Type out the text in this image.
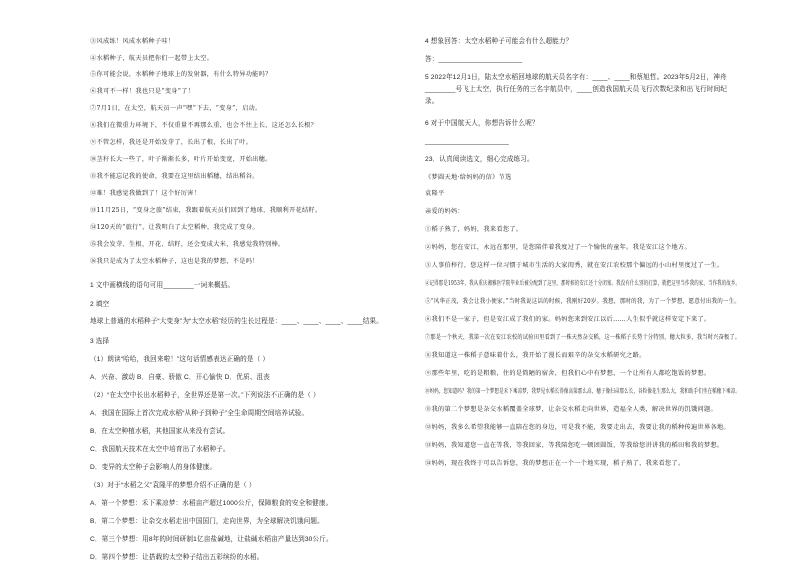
③风成练！风成水稻种子哇！
④水稻种子，航天员把你们一起带上太空。
⑤你可能会说，水稻种子地球上的发射器，有什么特异功能吗？
⑥我可不一样！我也只是“变身”了！
⑦7月1日，在太空，航天员一声“嘿”下去，“变身”，启动。
⑧我们在微重力环境下，不仅重量不再那么重，也会不往上长，这还怎么长根？
⑨不管怎样，我还是开始发芽了，长出了根，长出了叶。
⑩茎秆长大一些了，叶子渐渐长多，叶片开始变宽，开始出穗。
⑪我不能忘记我的使命，我要在这里结出稻穗，结出稻谷。
⑫难！我感觉我做到了！这个好厉害！
⑬11月25日，“变身之旅”结束，我跟着航天员们回到了地球，我顺利开花结籽。
⑭120天的“旅行”，让我明白了太空稻种，我完成了变身。
⑮我会发芽、生根、开花、结籽，还会变成大米，我感觉我特别棒。
⑯我只是成为了太空水稻种子，这也是我的梦想，不是吗！
1 文中画横线的语句可用________一词来概括。
2 填空
地球上普通的水稻种子“大变身”为“太空水稻”经历的生长过程是：____、____、____、____结果。
3 选择
（1）朗读“哈哈，我回来啦！”这句话情感表达正确的是（ ）
A．兴奋、激动 B．自豪、骄傲 C．开心愉快 D．优质、沮丧
（2）“在太空中长出水稻种子，全世界还是第一次。”下列说法不正确的是（ ）
A．我国在国际上首次完成水稻“从种子到种子”全生命周期空间培养试验。
B．在太空种植水稻，其他国家从来没有尝试。
C．我国航天技术在太空中培育出了水稻种子。
D．变异的太空种子会影响人的身体健康。
（3）对于“水稻之父”袁隆平的梦想介绍不正确的是（ ）
A．第一个梦想：禾下乘凉梦：水稻亩产超过1000公斤，保障粮食的安全和健康。
B．第二个梦想：让杂交水稻走出中国国门，走向世界，为全球解决饥饿问题。
C．第三个梦想：用8年的时间研制1亿亩盐碱地，让盐碱水稻亩产量达到30公斤。
D．第四个梦想：让搭载的太空种子结出五彩缤纷的水稻。
4 想象回答：太空水稻种子可能会有什么超能力？
答：______________________
5 2022年12月1日，陆太空水稻回地球的航天员名字有：____、____和蔡旭哲。2023年5月2日，神舟________号飞上太空，执行任务的三名宇航员中，____创造我国航天员飞行次数纪录和出飞行时间纪录。
6 对于中国航天人，你想告诉什么呢？
______________________
23．认真阅读选文，细心完成练习。
《梦圆天地·给妈妈的信》节选
袁隆平
亲爱的妈妈：
①稻子熟了，妈妈，我来看您了。
②妈妈，您在安江，永远在那里，是您陪伴着我度过了一个愉快的童年。我是安江这个地方。
③人事伯梓行，您这样一位习惯于城市生活的大家闺秀，就在安江农校那个偏远的小山村里度过了一生。
④记得那是1953年，我从重庆湘雅医学院毕业后被分配到了这里，那时候的安江还十分闭塞。我没有什么别的打算，就把这里当作我的家，当作我的故乡。
⑤“风华正茂，我会让我小便家。”当时我说这话的时候，我刚好20岁。我想，那时的我，为了一个梦想，愿意付出我的一生。
⑥我们不是一家子，但是安江成了我们的家。妈妈您来到安江以后……人生似乎就这样安定下来了。
⑦那是一个秋天，我第一次在安江农校的试验田里看到了一株天然杂交稻，这一株稻子长势十分特别，穗大粒多，我当时兴奋极了。
⑧我知道这一株稻子意味着什么，我开始了漫长而艰辛的杂交水稻研究之路。
⑨那些年里，吃的是粗粮，住的是简陋的宿舍，但我们心中有梦想，一个让所有人都吃饱饭的梦想。
⑩妈妈，您知道吗？我的第一个梦想是禾下乘凉梦，我梦见水稻长得像高粱那么高，穗子像扫帚那么长，谷粒像花生那么大，我和助手们坐在稻穗下乘凉。
⑪我的第二个梦想是杂交水稻覆盖全球梦，让杂交水稻走向世界，造福全人类，解决世界的饥饿问题。
⑫妈妈，我多么希望我能够一直陪在您的身边，可是我不能，我要走出去，我要让我的稻种传遍世界各地。
⑬妈妈，我知道您一直在等我，等我回家，等我陪您吃一顿团圆饭，等我给您讲讲我的稻田和我的梦想。
⑭妈妈，现在我终于可以告诉您，我的梦想正在一个一个地实现，稻子熟了，我来看您了。
